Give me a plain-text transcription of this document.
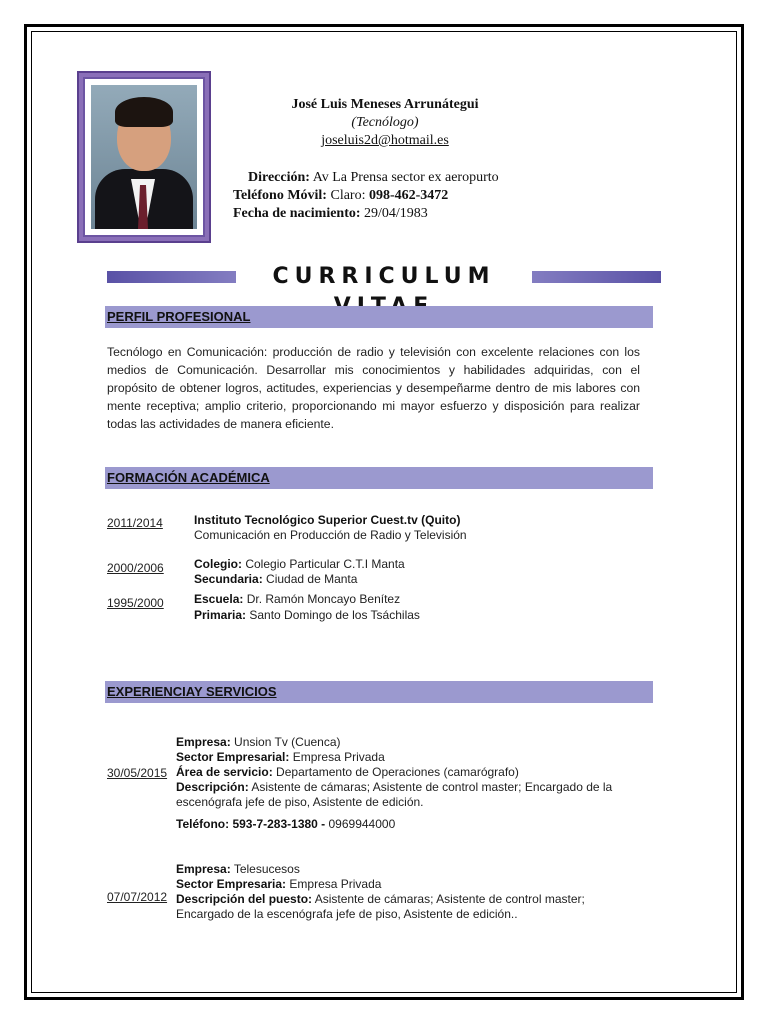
José Luis Meneses Arrunátegui
(Tecnólogo)
joseluis2d@hotmail.es
Dirección: Av La Prensa sector ex aeropurto
Teléfono Móvil: Claro: 098-462-3472
Fecha de nacimiento: 29/04/1983
CURRICULUM
PERFIL PROFESIONAL
Tecnólogo en Comunicación: producción de radio y televisión con excelente relaciones con los medios de Comunicación. Desarrollar mis conocimientos y habilidades adquiridas, con el propósito de obtener logros, actitudes, experiencias y desempeñarme dentro de mis labores con mente receptiva; amplio criterio, proporcionando mi mayor esfuerzo y disposición para realizar todas las actividades de manera eficiente.
FORMACIÓN ACADÉMICA
2011/2014	Instituto Tecnológico Superior Cuest.tv (Quito)
Comunicación en Producción de Radio y Televisión
2000/2006	Colegio: Colegio Particular C.T.I Manta
Secundaria: Ciudad de Manta
1995/2000	Escuela: Dr. Ramón Moncayo Benítez
Primaria: Santo Domingo de los Tsáchilas
EXPERIENCIAY SERVICIOS
Empresa: Unsion Tv (Cuenca)
Sector Empresarial: Empresa Privada
30/05/2015 Área de servicio: Departamento de Operaciones (camarógrafo)
Descripción: Asistente de cámaras; Asistente de control master; Encargado de la
escenógrafa jefe de piso, Asistente de edición.
Teléfono: 593-7-283-1380 - 0969944000
Empresa: Telesucesos
Sector Empresaria: Empresa Privada
07/07/2012 Descripción del puesto: Asistente de cámaras; Asistente de control master;
Encargado de la escenógrafa jefe de piso, Asistente de edición..
